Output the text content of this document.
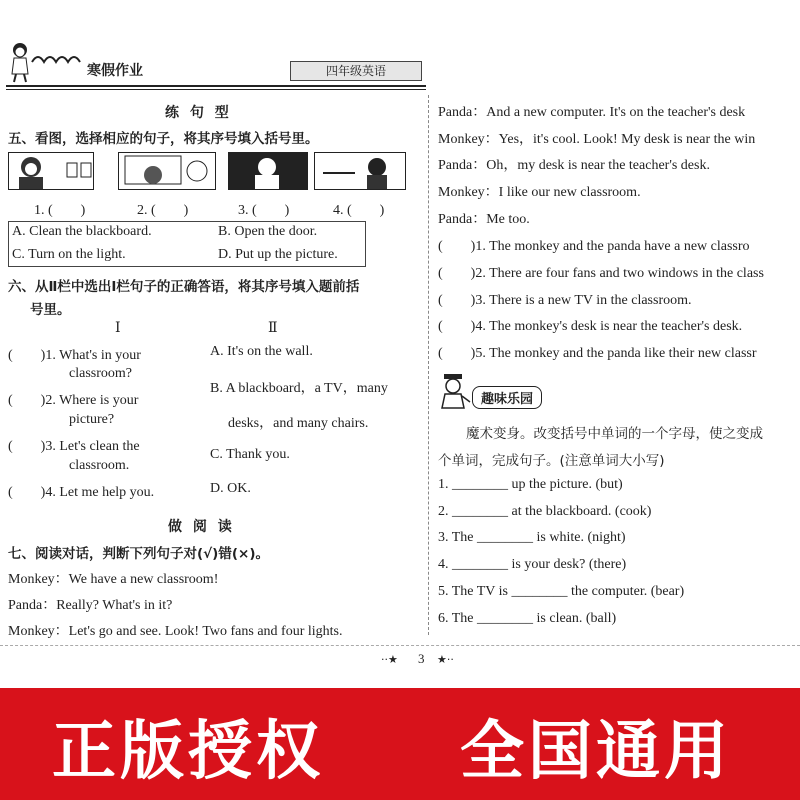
寒假作业	四年级英语
练 句 型
五、看图，选择相应的句子，将其序号填入括号里。
1. (　　)	2. (　　)	3. (　　)	4. (　　)
A. Clean the blackboard.	B. Open the door.
C. Turn on the light.	D. Put up the picture.
六、从Ⅱ栏中选出Ⅰ栏句子的正确答语，将其序号填入题前括
号里。
Ⅰ	Ⅱ
(　　)1. What's in your
classroom?
(　　)2. Where is your
picture?
(　　)3. Let's clean the
classroom.
(　　)4. Let me help you.
A. It's on the wall.
B. A blackboard，a TV，many
desks，and many chairs.
C. Thank you.
D. OK.
做 阅 读
七、阅读对话，判断下列句子对(√)错(×)。
Monkey：We have a new classroom!
Panda：Really? What's in it?
Monkey：Let's go and see. Look! Two fans and four lights.
Panda：And a new computer. It's on the teacher's desk
Monkey：Yes，it's cool. Look! My desk is near the win
Panda：Oh，my desk is near the teacher's desk.
Monkey：I like our new classroom.
Panda：Me too.
(　　)1. The monkey and the panda have a new classro
(　　)2. There are four fans and two windows in the class
(　　)3. There is a new TV in the classroom.
(　　)4. The monkey's desk is near the teacher's desk.
(　　)5. The monkey and the panda like their new classr
趣味乐园
魔术变身。改变括号中单词的一个字母，使之变成
个单词，完成句子。(注意单词大小写)
1. ________ up the picture. (but)
2. ________ at the blackboard. (cook)
3. The ________ is white. (night)
4. ________ is your desk? (there)
5. The TV is ________ the computer. (bear)
6. The ________ is clean. (ball)
··★ 3 ★··
正版授权 全国通用
